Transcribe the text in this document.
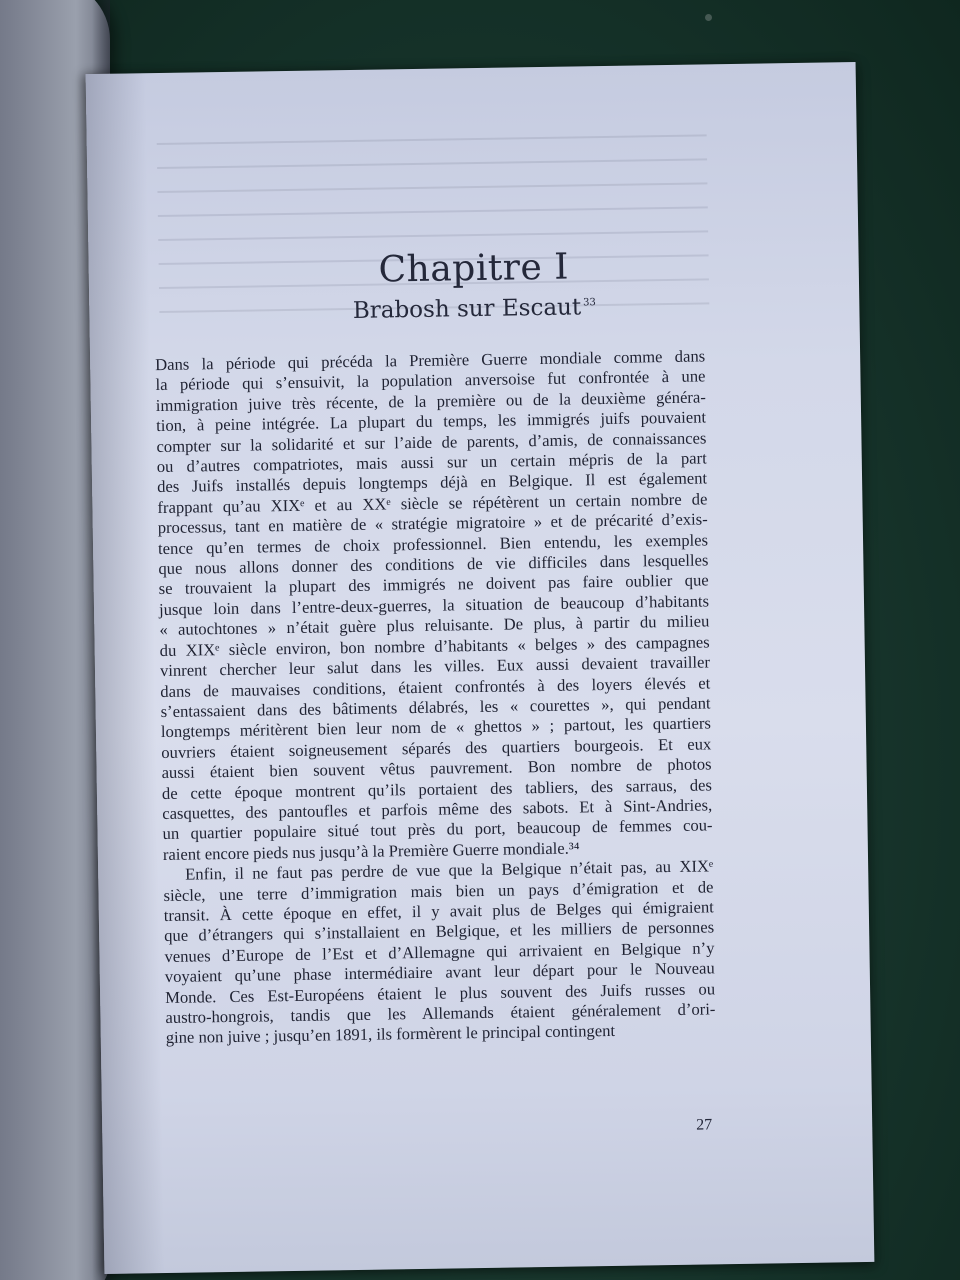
Chapitre I
Brabosh sur Escaut $^{33}$
Dans la période qui précéda la Première Guerre mondiale comme dans
la période qui s’ensuivit, la population anversoise fut confrontée à une
immigration juive très récente, de la première ou de la deuxième généra-
tion, à peine intégrée. La plupart du temps, les immigrés juifs pouvaient
compter sur la solidarité et sur l’aide de parents, d’amis, de connaissances
ou d’autres compatriotes, mais aussi sur un certain mépris de la part
des Juifs installés depuis longtemps déjà en Belgique. Il est également
frappant qu’au XIXᵉ et au XXᵉ siècle se répétèrent un certain nombre de
processus, tant en matière de « stratégie migratoire » et de précarité d’exis-
tence qu’en termes de choix professionnel. Bien entendu, les exemples
que nous allons donner des conditions de vie difficiles dans lesquelles
se trouvaient la plupart des immigrés ne doivent pas faire oublier que
jusque loin dans l’entre-deux-guerres, la situation de beaucoup d’habitants
« autochtones » n’était guère plus reluisante. De plus, à partir du milieu
du XIXᵉ siècle environ, bon nombre d’habitants « belges » des campagnes
vinrent chercher leur salut dans les villes. Eux aussi devaient travailler
dans de mauvaises conditions, étaient confrontés à des loyers élevés et
s’entassaient dans des bâtiments délabrés, les « courettes », qui pendant
longtemps méritèrent bien leur nom de « ghettos » ; partout, les quartiers
ouvriers étaient soigneusement séparés des quartiers bourgeois. Et eux
aussi étaient bien souvent vêtus pauvrement. Bon nombre de photos
de cette époque montrent qu’ils portaient des tabliers, des sarraus, des
casquettes, des pantoufles et parfois même des sabots. Et à Sint-Andries,
un quartier populaire situé tout près du port, beaucoup de femmes cou-
raient encore pieds nus jusqu’à la Première Guerre mondiale.³⁴
Enfin, il ne faut pas perdre de vue que la Belgique n’était pas, au XIXᵉ
siècle, une terre d’immigration mais bien un pays d’émigration et de
transit. À cette époque en effet, il y avait plus de Belges qui émigraient
que d’étrangers qui s’installaient en Belgique, et les milliers de personnes
venues d’Europe de l’Est et d’Allemagne qui arrivaient en Belgique n’y
voyaient qu’une phase intermédiaire avant leur départ pour le Nouveau
Monde. Ces Est-Européens étaient le plus souvent des Juifs russes ou
austro-hongrois, tandis que les Allemands étaient généralement d’ori-
gine non juive ; jusqu’en 1891, ils formèrent le principal contingent
27
